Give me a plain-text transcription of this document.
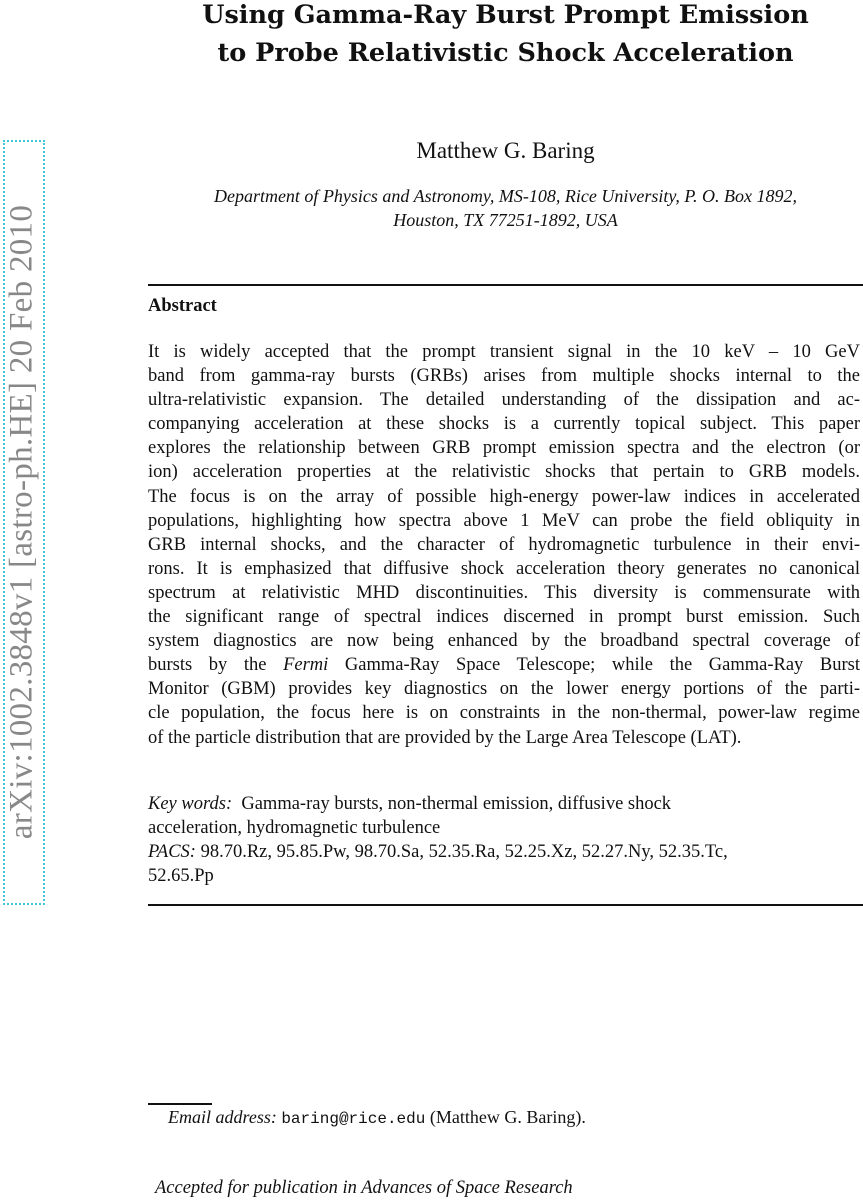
arXiv:1002.3848v1 [astro-ph.HE] 20 Feb 2010
Using Gamma-Ray Burst Prompt Emission
to Probe Relativistic Shock Acceleration
Matthew G. Baring
Department of Physics and Astronomy, MS-108, Rice University, P. O. Box 1892,
Houston, TX 77251-1892, USA
Abstract
It is widely accepted that the prompt transient signal in the 10 keV – 10 GeV
band from gamma-ray bursts (GRBs) arises from multiple shocks internal to the
ultra-relativistic expansion. The detailed understanding of the dissipation and ac-
companying acceleration at these shocks is a currently topical subject. This paper
explores the relationship between GRB prompt emission spectra and the electron (or
ion) acceleration properties at the relativistic shocks that pertain to GRB models.
The focus is on the array of possible high-energy power-law indices in accelerated
populations, highlighting how spectra above 1 MeV can probe the field obliquity in
GRB internal shocks, and the character of hydromagnetic turbulence in their envi-
rons. It is emphasized that diffusive shock acceleration theory generates no canonical
spectrum at relativistic MHD discontinuities. This diversity is commensurate with
the significant range of spectral indices discerned in prompt burst emission. Such
system diagnostics are now being enhanced by the broadband spectral coverage of
bursts by the Fermi Gamma-Ray Space Telescope; while the Gamma-Ray Burst
Monitor (GBM) provides key diagnostics on the lower energy portions of the parti-
cle population, the focus here is on constraints in the non-thermal, power-law regime
of the particle distribution that are provided by the Large Area Telescope (LAT).
Key words: Gamma-ray bursts, non-thermal emission, diffusive shock
acceleration, hydromagnetic turbulence
PACS: 98.70.Rz, 95.85.Pw, 98.70.Sa, 52.35.Ra, 52.25.Xz, 52.27.Ny, 52.35.Tc,
52.65.Pp
Email address: baring@rice.edu (Matthew G. Baring).
Accepted for publication in Advances of Space Research
